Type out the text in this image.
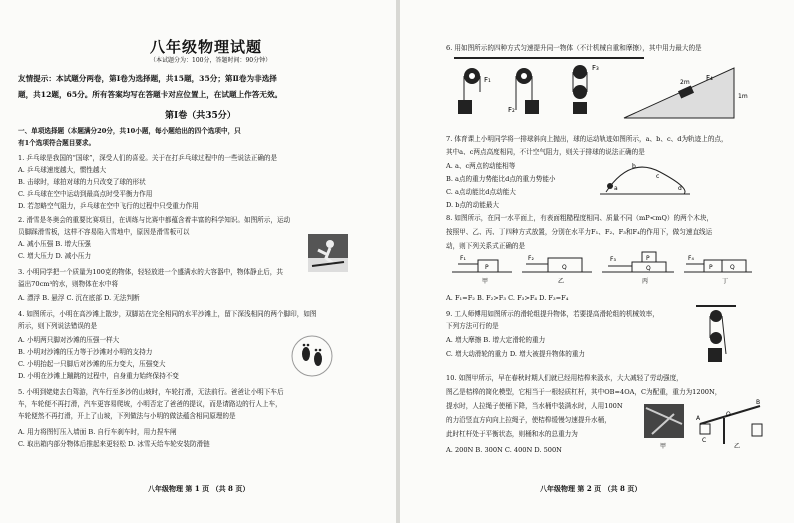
八年级物理试题
（本试题分为：100分，答题时间：90分钟）
友情提示：本试题分两卷，第Ⅰ卷为选择题，共15题，35分；第Ⅱ卷为非选择
题，共12题，65分。所有答案均写在答题卡对应位置上，在试题上作答无效。
第Ⅰ卷（共35分）
一、单项选择题（本题满分20分，共10小题，每小题给出的四个选项中，只
有1个选项符合题目要求。
1. 乒乓球是我国的“国球”，深受人们的喜爱。关于在打乒乓球过程中的一些说法正确的是
A. 乒乓球速度越大，惯性越大
B. 击球时，球拍对球的力只改变了球的形状
C. 乒乓球在空中运动到最高点时受平衡力作用
D. 若忽略空气阻力，乒乓球在空中飞行的过程中只受重力作用
2. 滑雪是冬奥会的重要比赛项目，在训练与比赛中都蕴含着丰富的科学知识。如图所示，运动
员脚踩滑雪板，这样不容易陷入雪地中，原因是滑雪板可以
A. 减小压强 B. 增大压强
C. 增大压力 D. 减小压力
3. 小明同学把一个质量为100克的物体，轻轻放进一个盛满水的大容器中，物体静止后，共
溢出70cm³的水，则物体在水中将
A. 漂浮 B. 悬浮 C. 沉在底部 D. 无法判断
4. 如图所示，小明在高沙滩上散步，双脚站在完全相同的水平沙滩上，留下深浅相同的两个脚印，如图
所示，则下列说法错误的是
A. 小明两只脚对沙滩的压强一样大
B. 小明对沙滩的压力等于沙滩对小明的支持力
C. 小明抬起一只脚后对沙滩的压力变大，压强变大
D. 小明在沙滩上蹦跳的过程中，自身重力始终保持不变
5. 小明到姥姥去白驾游，汽车行至多沙的山坡时，车轮打滑，无法前行。爸爸让小明下车后
车，车轮便不再打滑，汽车更容易爬坡，小明否定了爸爸的提议，而是请路边的行人上车，
车轮便然不再打滑，开上了山坡，下列做法与小明的做法蕴含相同原理的是
A. 用力将图钉压入墙面 B. 自行车刹车时，用力捏车闸
C. 取出箱内部分物体后推起来更轻松 D. 冰雪天给车轮安装防滑链
八年级物理 第 1 页 （共 8 页）
6. 用如图所示的四种方式匀速提升同一物体（不计机械自重和摩擦），其中用力最大的是
7. 体育课上小明同学将一排球斜向上抛出，球的运动轨迹如图所示，a、b、c、d为轨迹上的点，
其中a、c两点高度相同，不计空气阻力，则关于排球的说法正确的是
A. a、c两点的动能相等
B. a点的重力势能比d点的重力势能小
C. a点动能比d点动能大
D. b点的动能最大
8. 如图所示，在同一水平面上，有表面粗糙程度相同、质量不同（mP<mQ）的两个木块，
按照甲、乙、丙、丁四种方式放置，分别在水平力F₁、F₂、F₃和F₄的作用下，做匀速直线运
动，则下列关系式正确的是
A. F₁=F₂ B. F₂>F₃ C. F₃>F₄ D. F₃=F₄
9. 工人师傅用如图所示的滑轮组提升物体，若要提高滑轮组的机械效率，
下列方法可行的是
A. 增大摩擦 B. 增大定滑轮的重力
C. 增大动滑轮的重力 D. 增大被提升物体的重力
10. 如图甲所示，早在春秋时期人们就已经用桔槔来汲水，大大减轻了劳动强度，
图乙是桔槔的简化模型，它相当于一根轻质杠杆，其中OB=4OA，C为配重，重力为1200N，
提水时，人拉绳子使桶下降，当水桶中装满水时，人用100N
的力沿竖直方向向上拉绳子，使桔槔缓慢匀速提升水桶，
此时杠杆处于平衡状态，则桶和水的总重力为
A. 200N B. 300N C. 400N D. 500N
F₁
F₂
F₃
2m
1m
F₄
a
b
c
d
F₁
P
甲
F₂
Q
乙
F₃	P
Q
丙
F₄
P	Q
丁
甲	乙
A
B
O
C
八年级物理 第 2 页 （共 8 页）
